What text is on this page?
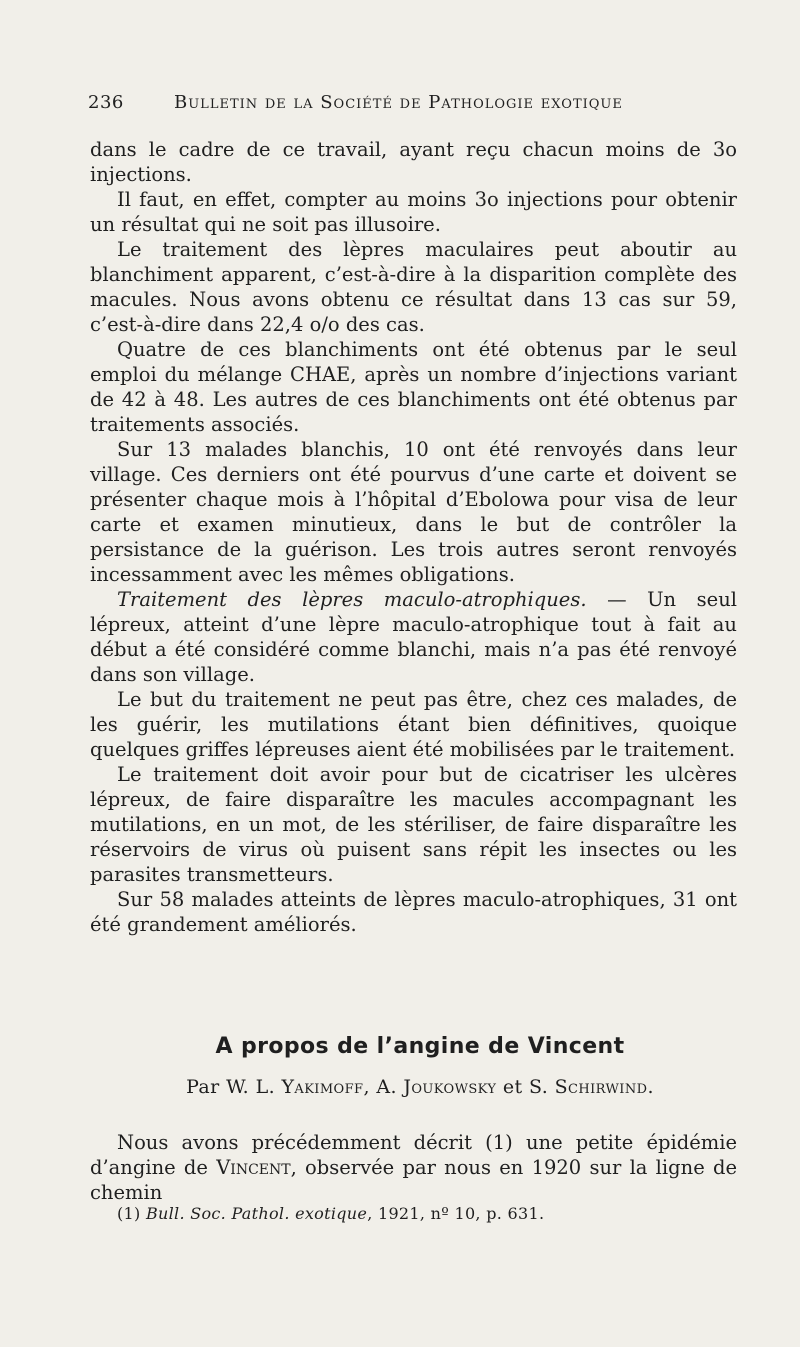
236	Bulletin de la Société de Pathologie exotique

dans le cadre de ce travail, ayant reçu chacun moins de 3o injections.

Il faut, en effet, compter au moins 3o injections pour obtenir un résultat qui ne soit pas illusoire.

Le traitement des lèpres maculaires peut aboutir au blanchiment apparent, c’est-à-dire à la disparition complète des macules. Nous avons obtenu ce résultat dans 13 cas sur 59, c’est-à-dire dans 22,4 o/o des cas.

Quatre de ces blanchiments ont été obtenus par le seul emploi du mélange CHAE, après un nombre d’injections variant de 42 à 48. Les autres de ces blanchiments ont été obtenus par traitements associés.

Sur 13 malades blanchis, 10 ont été renvoyés dans leur village. Ces derniers ont été pourvus d’une carte et doivent se présenter chaque mois à l’hôpital d’Ebolowa pour visa de leur carte et examen minutieux, dans le but de contrôler la persistance de la guérison. Les trois autres seront renvoyés incessamment avec les mêmes obligations.

Traitement des lèpres maculo-atrophiques. — Un seul lépreux, atteint d’une lèpre maculo-atrophique tout à fait au début a été considéré comme blanchi, mais n’a pas été renvoyé dans son village.

Le but du traitement ne peut pas être, chez ces malades, de les guérir, les mutilations étant bien définitives, quoique quelques griffes lépreuses aient été mobilisées par le traitement.

Le traitement doit avoir pour but de cicatriser les ulcères lépreux, de faire disparaître les macules accompagnant les mutilations, en un mot, de les stériliser, de faire disparaître les réservoirs de virus où puisent sans répit les insectes ou les parasites transmetteurs.

Sur 58 malades atteints de lèpres maculo-atrophiques, 31 ont été grandement améliorés.

A propos de l’angine de Vincent
Par W. L. Yakimoff, A. Joukowsky et S. Schirwind.

Nous avons précédemment décrit (1) une petite épidémie d’angine de Vincent, observée par nous en 1920 sur la ligne de chemin

(1) Bull. Soc. Pathol. exotique, 1921, nº 10, p. 631.
